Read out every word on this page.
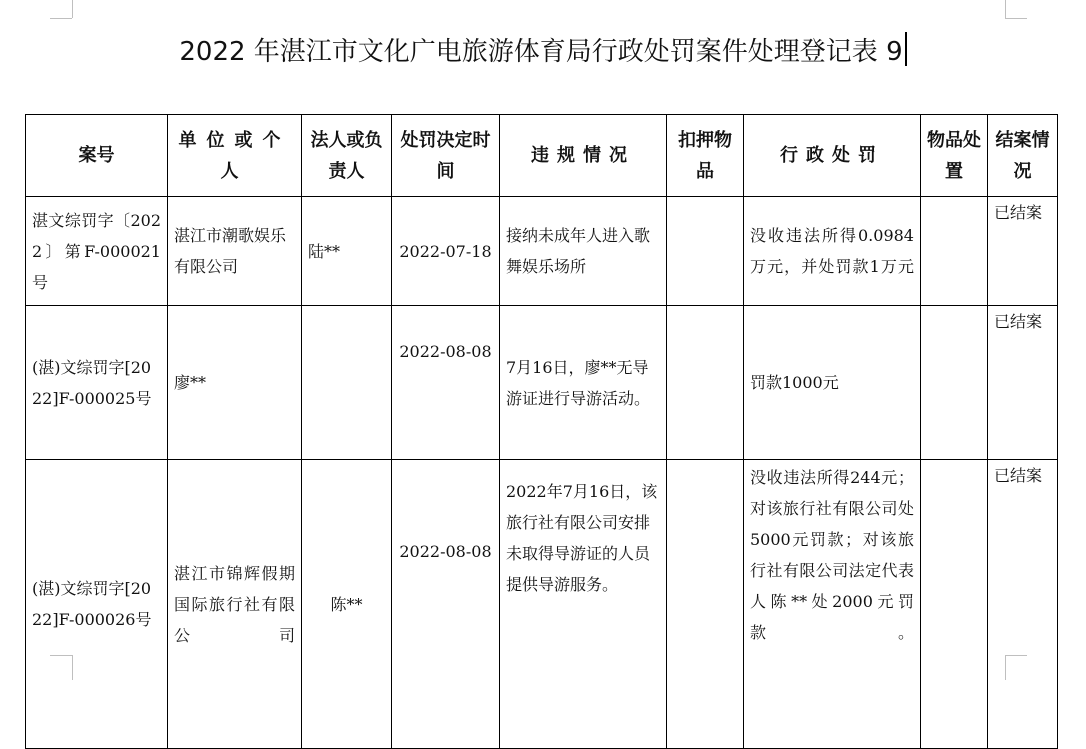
2022 年湛江市文化广电旅游体育局行政处罚案件处理登记表 9
案号	单位或个人	法人或负责人	处罚决定时间	违规情况	扣押物品	行政处罚	物品处置	结案情况
湛文综罚字〔2022〕第F-000021号	湛江市潮歌娱乐有限公司	陆**	2022-07-18	接纳未成年人进入歌舞娱乐场所		没收违法所得0.0984万元，并处罚款1万元		已结案
(湛)文综罚字[2022]F-000025号	廖**		2022-08-08	7月16日，廖**无导游证进行导游活动。		罚款1000元		已结案
(湛)文综罚字[2022]F-000026号	湛江市锦辉假期国际旅行社有限公司	陈**	2022-08-08	2022年7月16日，该旅行社有限公司安排未取得导游证的人员提供导游服务。		没收违法所得244元；对该旅行社有限公司处5000元罚款；对该旅行社有限公司法定代表人陈**处2000元罚款。		已结案
